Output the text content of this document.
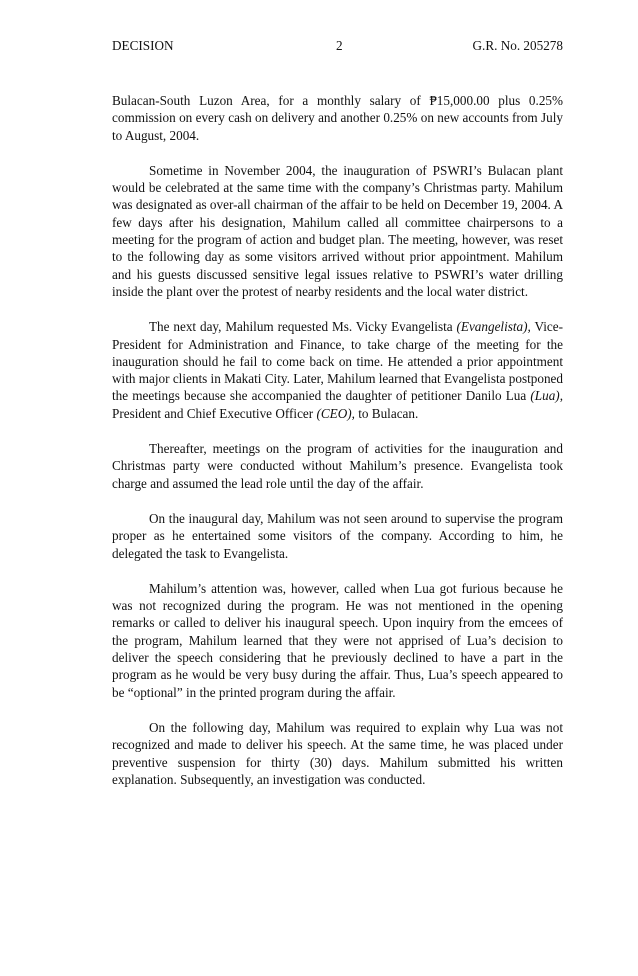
DECISION	2	G.R. No. 205278

Bulacan-South Luzon Area, for a monthly salary of ₱15,000.00 plus 0.25% commission on every cash on delivery and another 0.25% on new accounts from July to August, 2004.

Sometime in November 2004, the inauguration of PSWRI’s Bulacan plant would be celebrated at the same time with the company’s Christmas party. Mahilum was designated as over-all chairman of the affair to be held on December 19, 2004. A few days after his designation, Mahilum called all committee chairpersons to a meeting for the program of action and budget plan. The meeting, however, was reset to the following day as some visitors arrived without prior appointment. Mahilum and his guests discussed sensitive legal issues relative to PSWRI’s water drilling inside the plant over the protest of nearby residents and the local water district.

The next day, Mahilum requested Ms. Vicky Evangelista (Evangelista), Vice-President for Administration and Finance, to take charge of the meeting for the inauguration should he fail to come back on time. He attended a prior appointment with major clients in Makati City. Later, Mahilum learned that Evangelista postponed the meetings because she accompanied the daughter of petitioner Danilo Lua (Lua), President and Chief Executive Officer (CEO), to Bulacan.

Thereafter, meetings on the program of activities for the inauguration and Christmas party were conducted without Mahilum’s presence. Evangelista took charge and assumed the lead role until the day of the affair.

On the inaugural day, Mahilum was not seen around to supervise the program proper as he entertained some visitors of the company. According to him, he delegated the task to Evangelista.

Mahilum’s attention was, however, called when Lua got furious because he was not recognized during the program. He was not mentioned in the opening remarks or called to deliver his inaugural speech. Upon inquiry from the emcees of the program, Mahilum learned that they were not apprised of Lua’s decision to deliver the speech considering that he previously declined to have a part in the program as he would be very busy during the affair. Thus, Lua’s speech appeared to be “optional” in the printed program during the affair.

On the following day, Mahilum was required to explain why Lua was not recognized and made to deliver his speech. At the same time, he was placed under preventive suspension for thirty (30) days. Mahilum submitted his written explanation. Subsequently, an investigation was conducted.
